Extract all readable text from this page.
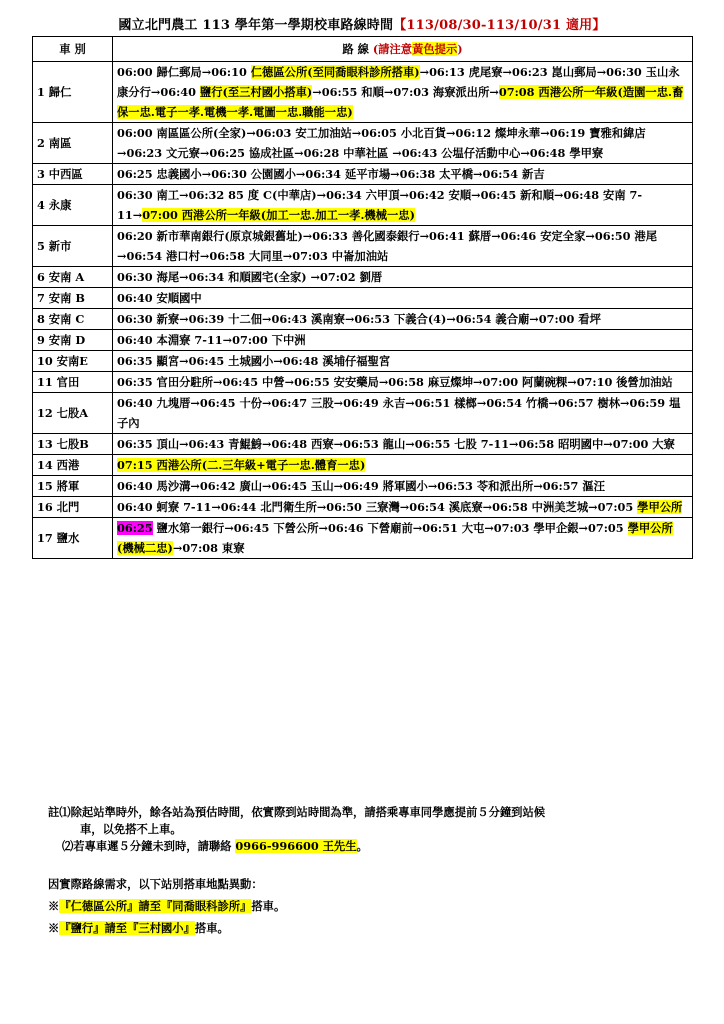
國立北門農工 113 學年第一學期校車路線時間【113/08/30-113/10/31 適用】
車 別	路 線 (請注意黃色提示)
1 歸仁	06:00 歸仁郵局→06:10 仁德區公所(至同喬眼科診所搭車)→06:13 虎尾寮→06:23 崑山郵局→06:30 玉山永康分行→06:40 鹽行(至三村國小搭車)→06:55 和順→07:03 海寮派出所→07:08 西港公所一年級(造園一忠.畜保一忠.電子一孝.電機一孝.電圖一忠.職能一忠)
2 南區	06:00 南區區公所(全家)→06:03 安工加油站→06:05 小北百貨→06:12 燦坤永華→06:19 寶雅和緯店→06:23 文元寮→06:25 協成社區→06:28 中華社區 →06:43 公塭仔活動中心→06:48 學甲寮
3 中西區	06:25 忠義國小→06:30 公園國小→06:34 延平市場→06:38 太平橋→06:54 新吉
4 永康	06:30 南工→06:32 85 度 C(中華店)→06:34 六甲頂→06:42 安順→06:45 新和順→06:48 安南 7-11→07:00 西港公所一年級(加工一忠.加工一孝.機械一忠)
5 新市	06:20 新市華南銀行(原京城銀舊址)→06:33 善化國泰銀行→06:41 蘇厝→06:46 安定全家→06:50 港尾→06:54 港口村→06:58 大同里→07:03 中崙加油站
6 安南 A	06:30 海尾→06:34 和順國宅(全家) →07:02 劉厝
7 安南 B	06:40 安順國中
8 安南 C	06:30 新寮→06:39 十二佃→06:43 溪南寮→06:53 下義合(4)→06:54 義合廟→07:00 看坪
9 安南 D	06:40 本淵寮 7-11→07:00 下中洲
10 安南E	06:35 顯宮→06:45 土城國小→06:48 溪埔仔福聖宮
11 官田	06:35 官田分駐所→06:45 中營→06:55 安安藥局→06:58 麻豆燦坤→07:00 阿蘭碗粿→07:10 後營加油站
12 七股A	06:40 九塊厝→06:45 十份→06:47 三股→06:49 永吉→06:51 樣榔→06:54 竹橋→06:57 樹林→06:59 塭子內
13 七股B	06:35 頂山→06:43 青鯤鯓→06:48 西寮→06:53 龍山→06:55 七股 7-11→06:58 昭明國中→07:00 大寮
14 西港	07:15 西港公所(二.三年級+電子一忠.體育一忠)
15 將軍	06:40 馬沙溝→06:42 廣山→06:45 玉山→06:49 將軍國小→06:53 苓和派出所→06:57 漚汪
16 北門	06:40 蚵寮 7-11→06:44 北門衛生所→06:50 三寮灣→06:54 溪底寮→06:58 中洲美芝城→07:05 學甲公所
17 鹽水	06:25 鹽水第一銀行→06:45 下營公所→06:46 下營廟前→06:51 大屯→07:03 學甲企銀→07:05 學甲公所(機械二忠)→07:08 東寮
註⑴除起站準時外，餘各站為預估時間，依實際到站時間為準，請搭乘專車同學應提前５分鐘到站候
車，以免搭不上車。
⑵若專車遲５分鐘未到時，請聯絡 0966-996600 王先生。
因實際路線需求，以下站別搭車地點異動：
※『仁德區公所』請至『同喬眼科診所』搭車。
※『鹽行』請至『三村國小』搭車。
